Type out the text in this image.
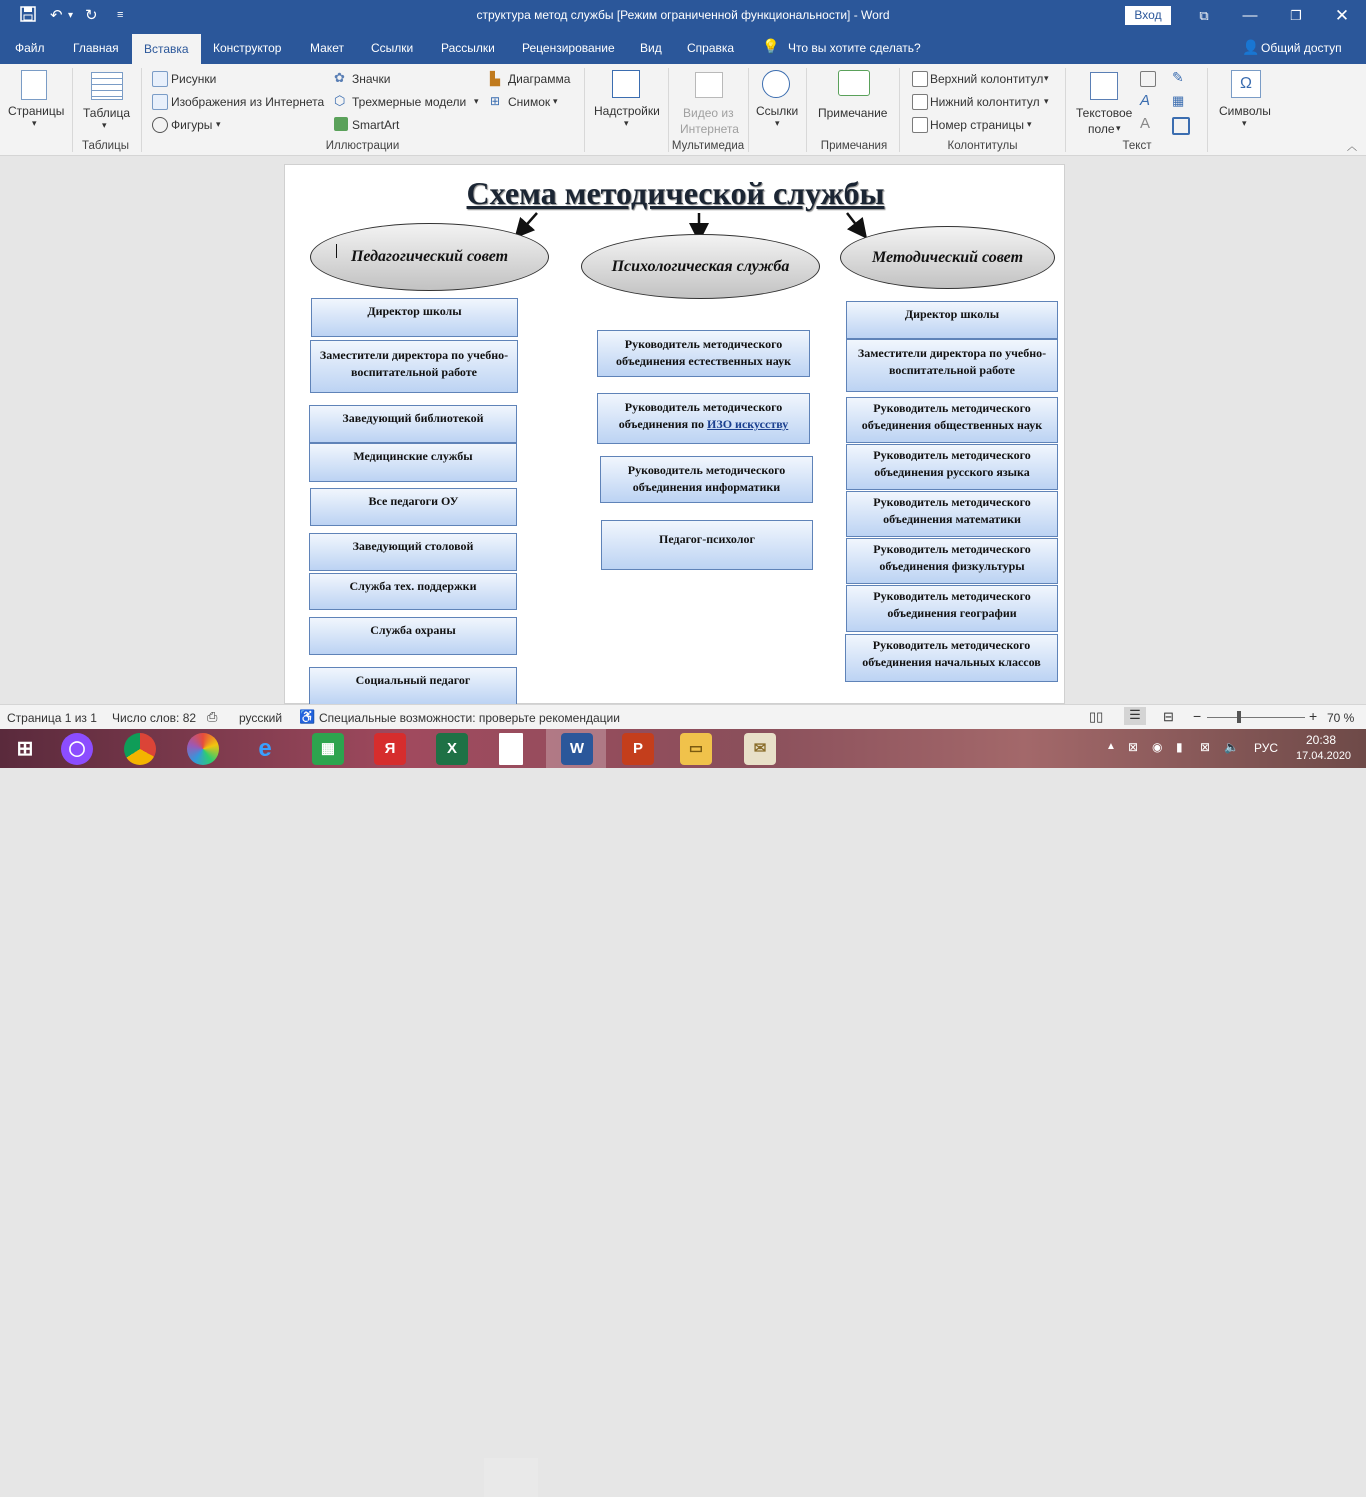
↶ ▾ ↻ ≡	структура метод службы [Режим ограниченной функциональности] - Word	Вход	⧉	—	❐	✕
Файл Главная	Вставка	Конструктор Макет Ссылки Рассылки Рецензирование Вид Справка 💡 Что вы хотите сделать?	👤 Общий доступ
Страницы
▾
Таблица
▾
Таблицы
Рисунки
Изображения из Интернета
Фигуры ▾
✿ Значки
⬡ Трехмерные модели ▾
SmartArt
▙ Диаграмма
⊞ Снимок ▾
Иллюстрации
Надстройки
▾
Видео из
Интернета
Мультимедиа
Ссылки
▾
Примечание
Примечания
Верхний колонтитул ▾
Нижний колонтитул ▾
Номер страницы ▾
Колонтитулы
Текстовое
поле ▾
A
A
✎
▦
Текст
Ω
Символы
▾
︿
Схема методической службы
Педагогический совет
Психологическая служба
Методический совет
Директор школы
Заместители директора по учебно-воспитательной работе
Заведующий библиотекой
Медицинские службы
Все педагоги ОУ
Заведующий столовой
Служба тех. поддержки
Служба охраны
Социальный педагог
Руководитель методического объединения естественных наук
Руководитель методического объединения по ИЗО искусству
Руководитель методического объединения информатики
Педагог-психолог
Директор школы
Заместители директора по учебно-воспитательной работе
Руководитель методического объединения общественных наук
Руководитель методического объединения русского языка
Руководитель методического объединения математики
Руководитель методического объединения физкультуры
Руководитель методического объединения географии
Руководитель методического объединения начальных классов
Страница 1 из 1 Число слов: 82 ⎙ русский ♿ Специальные возможности: проверьте рекомендации	▯▯	☰	⊟ −	+ 70 %
⊞	◯	e	▦	Я	X	W	P	▭	✉	▲ ⊠ ◉ ▮ ⊠ 🔈 РУС
20:38
17.04.2020
